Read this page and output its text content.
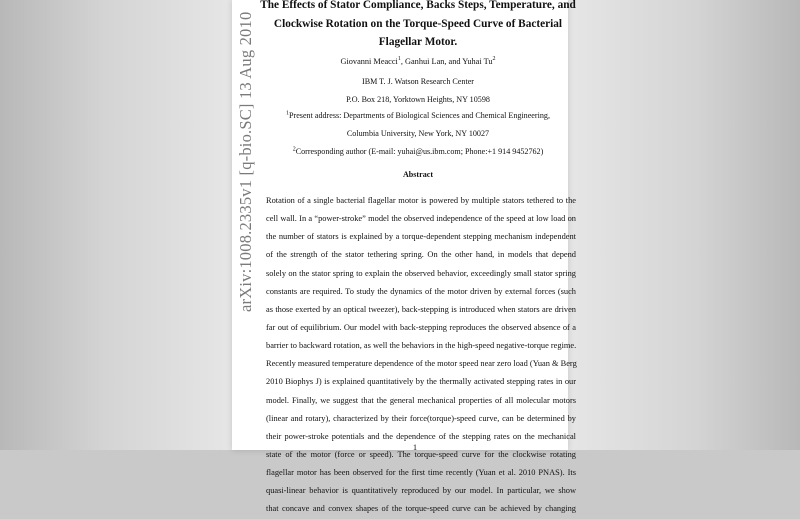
arXiv:1008.2335v1 [q-bio.SC] 13 Aug 2010
The Effects of Stator Compliance, Backs Steps, Temperature, and
Clockwise Rotation on the Torque-Speed Curve of Bacterial
Flagellar Motor.
Giovanni Meacci$^1$, Ganhui Lan, and Yuhai Tu$^2$
IBM T. J. Watson Research Center
P.O. Box 218, Yorktown Heights, NY 10598
$^1$Present address: Departments of Biological Sciences and Chemical Engineering,
Columbia University, New York, NY 10027
$^2$Corresponding author (E-mail: yuhai@us.ibm.com; Phone:+1 914 9452762)
Abstract
Rotation of a single bacterial flagellar motor is powered by multiple stators tethered to the
cell wall. In a “power-stroke” model the observed independence of the speed at low load on
the number of stators is explained by a torque-dependent stepping mechanism independent
of the strength of the stator tethering spring. On the other hand, in models that depend
solely on the stator spring to explain the observed behavior, exceedingly small stator spring
constants are required. To study the dynamics of the motor driven by external forces (such
as those exerted by an optical tweezer), back-stepping is introduced when stators are driven
far out of equilibrium. Our model with back-stepping reproduces the observed absence of a
barrier to backward rotation, as well the behaviors in the high-speed negative-torque regime.
Recently measured temperature dependence of the motor speed near zero load (Yuan & Berg
2010 Biophys J) is explained quantitatively by the thermally activated stepping rates in our
model. Finally, we suggest that the general mechanical properties of all molecular motors
(linear and rotary), characterized by their force(torque)-speed curve, can be determined by
their power-stroke potentials and the dependence of the stepping rates on the mechanical
state of the motor (force or speed). The torque-speed curve for the clockwise rotating
flagellar motor has been observed for the first time recently (Yuan et al. 2010 PNAS). Its
quasi-linear behavior is quantitatively reproduced by our model. In particular, we show
that concave and convex shapes of the torque-speed curve can be achieved by changing
1
